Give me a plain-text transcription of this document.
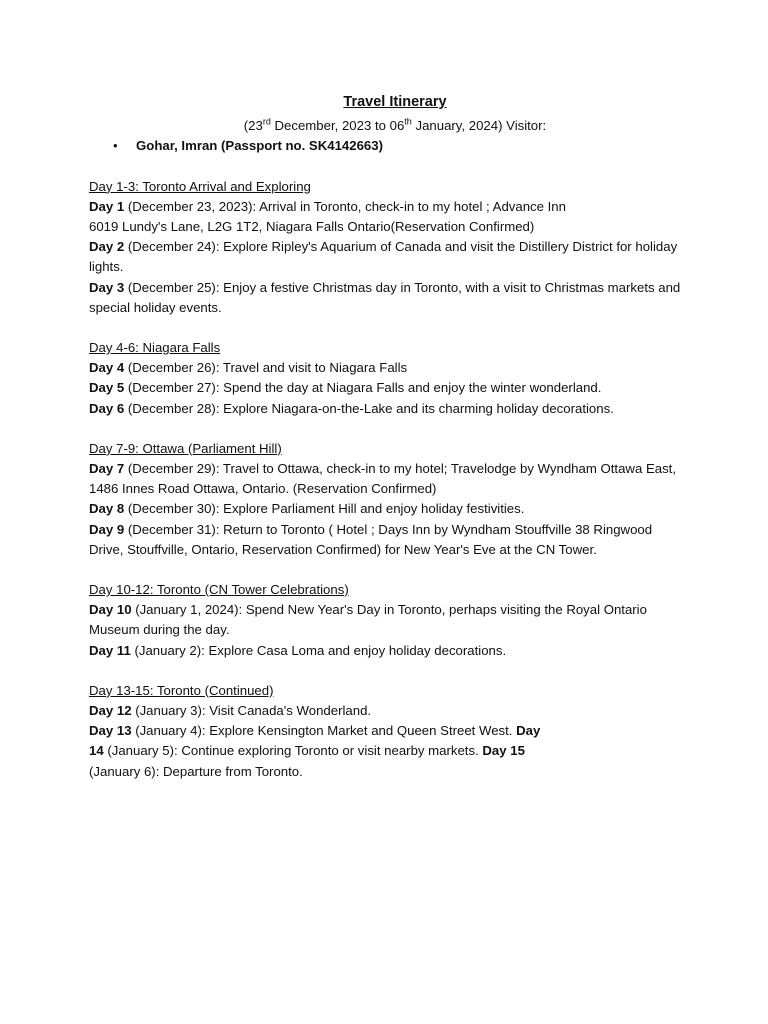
Travel Itinerary

(23rd December, 2023 to 06th January, 2024) Visitor:

• Gohar, Imran (Passport no. SK4142663)

Day 1-3: Toronto Arrival and Exploring

Day 1 (December 23, 2023): Arrival in Toronto, check-in to my hotel ; Advance Inn

6019 Lundy's Lane, L2G 1T2, Niagara Falls Ontario(Reservation Confirmed)

Day 2 (December 24): Explore Ripley's Aquarium of Canada and visit the Distillery District for holiday lights.

Day 3 (December 25): Enjoy a festive Christmas day in Toronto, with a visit to Christmas markets and special holiday events.

Day 4-6: Niagara Falls

Day 4 (December 26): Travel and visit to Niagara Falls

Day 5 (December 27): Spend the day at Niagara Falls and enjoy the winter wonderland.

Day 6 (December 28): Explore Niagara-on-the-Lake and its charming holiday decorations.

Day 7-9: Ottawa (Parliament Hill)

Day 7 (December 29): Travel to Ottawa, check-in to my hotel; Travelodge by Wyndham Ottawa East, 1486 Innes Road Ottawa, Ontario. (Reservation Confirmed)

Day 8 (December 30): Explore Parliament Hill and enjoy holiday festivities.

Day 9 (December 31): Return to Toronto ( Hotel ; Days Inn by Wyndham Stouffville 38 Ringwood Drive, Stouffville, Ontario, Reservation Confirmed) for New Year's Eve at the CN Tower.

Day 10-12: Toronto (CN Tower Celebrations)

Day 10 (January 1, 2024): Spend New Year's Day in Toronto, perhaps visiting the Royal Ontario Museum during the day.

Day 11 (January 2): Explore Casa Loma and enjoy holiday decorations.

Day 13-15: Toronto (Continued)

Day 12 (January 3): Visit Canada's Wonderland.

Day 13 (January 4): Explore Kensington Market and Queen Street West. Day 14 (January 5): Continue exploring Toronto or visit nearby markets. Day 15 (January 6): Departure from Toronto.
